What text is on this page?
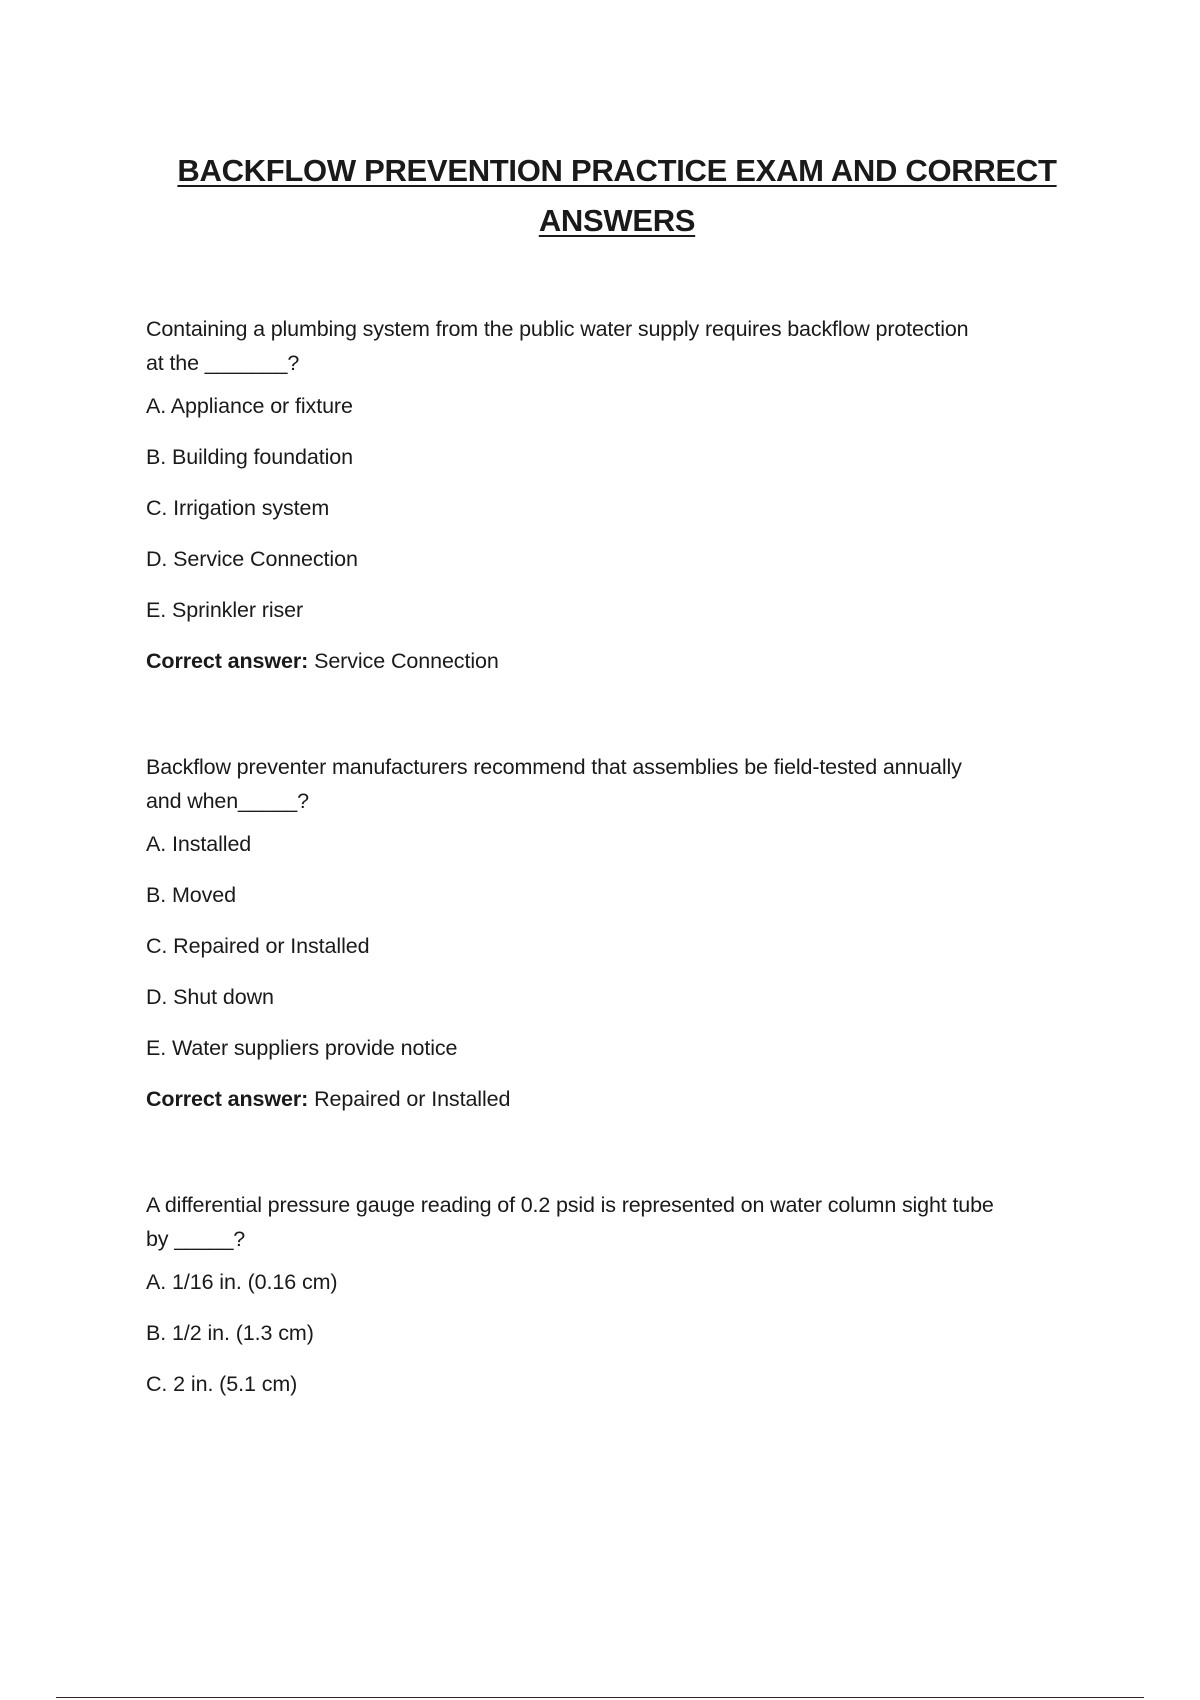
BACKFLOW PREVENTION PRACTICE EXAM AND CORRECT
ANSWERS

Containing a plumbing system from the public water supply requires backflow protection
at the _______?

A. Appliance or fixture

B. Building foundation

C. Irrigation system

D. Service Connection

E. Sprinkler riser

Correct answer: Service Connection

Backflow preventer manufacturers recommend that assemblies be field-tested annually
and when_____?

A. Installed

B. Moved

C. Repaired or Installed

D. Shut down

E. Water suppliers provide notice

Correct answer: Repaired or Installed

A differential pressure gauge reading of 0.2 psid is represented on water column sight tube
by _____?

A. 1/16 in. (0.16 cm)

B. 1/2 in. (1.3 cm)

C. 2 in. (5.1 cm)
